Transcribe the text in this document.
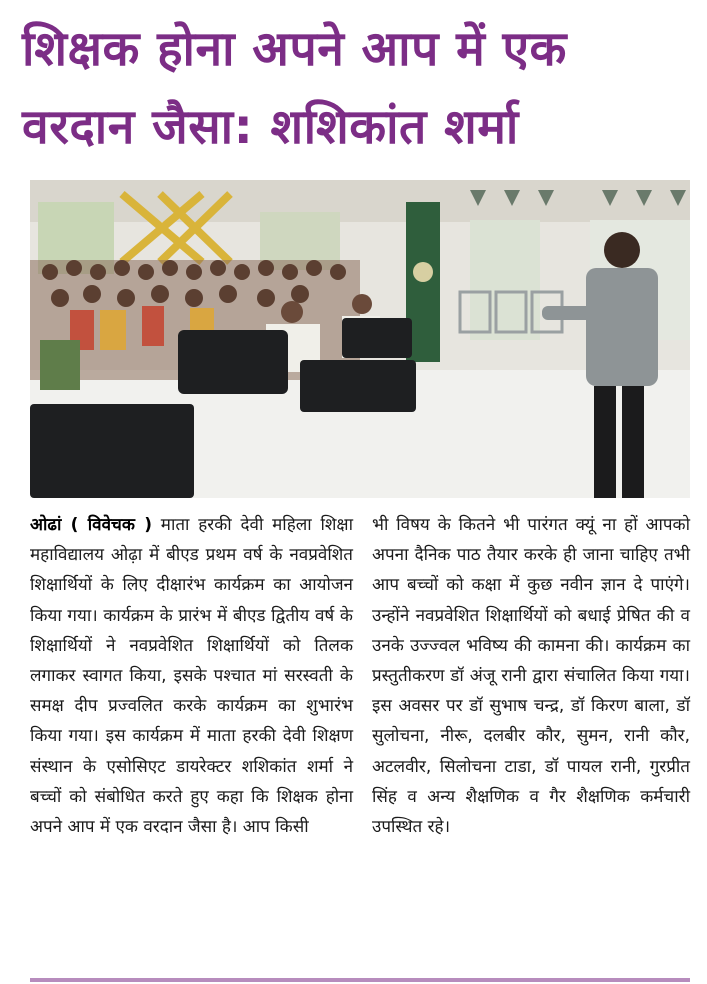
शिक्षक होना अपने आप में एक
वरदान जैसा: शशिकांत शर्मा
ओढां ( विवेचक ) माता हरकी देवी महिला शिक्षा महाविद्यालय ओढ़ा में बीएड प्रथम वर्ष के नवप्रवेशित शिक्षार्थियों के लिए दीक्षारंभ कार्यक्रम का आयोजन किया गया। कार्यक्रम के प्रारंभ में बीएड द्वितीय वर्ष के शिक्षार्थियों ने नवप्रवेशित शिक्षार्थियों को तिलक लगाकर स्वागत किया, इसके पश्चात मां सरस्वती के समक्ष दीप प्रज्वलित करके कार्यक्रम का शुभारंभ किया गया। इस कार्यक्रम में माता हरकी देवी शिक्षण संस्थान के एसोसिएट डायरेक्टर शशिकांत शर्मा ने बच्चों को संबोधित करते हुए कहा कि शिक्षक होना अपने आप में एक वरदान जैसा है। आप किसी
भी विषय के कितने भी पारंगत क्यूं ना हों आपको अपना दैनिक पाठ तैयार करके ही जाना चाहिए तभी आप बच्चों को कक्षा में कुछ नवीन ज्ञान दे पाएंगे। उन्होंने नवप्रवेशित शिक्षार्थियों को बधाई प्रेषित की व उनके उज्ज्वल भविष्य की कामना की। कार्यक्रम का प्रस्तुतीकरण डॉ अंजू रानी द्वारा संचालित किया गया। इस अवसर पर डॉ सुभाष चन्द्र, डॉ किरण बाला, डॉ सुलोचना, नीरू, दलबीर कौर, सुमन, रानी कौर, अटलवीर, सिलोचना टाडा, डॉ पायल रानी, गुरप्रीत सिंह व अन्य शैक्षणिक व गैर शैक्षणिक कर्मचारी उपस्थित रहे।
